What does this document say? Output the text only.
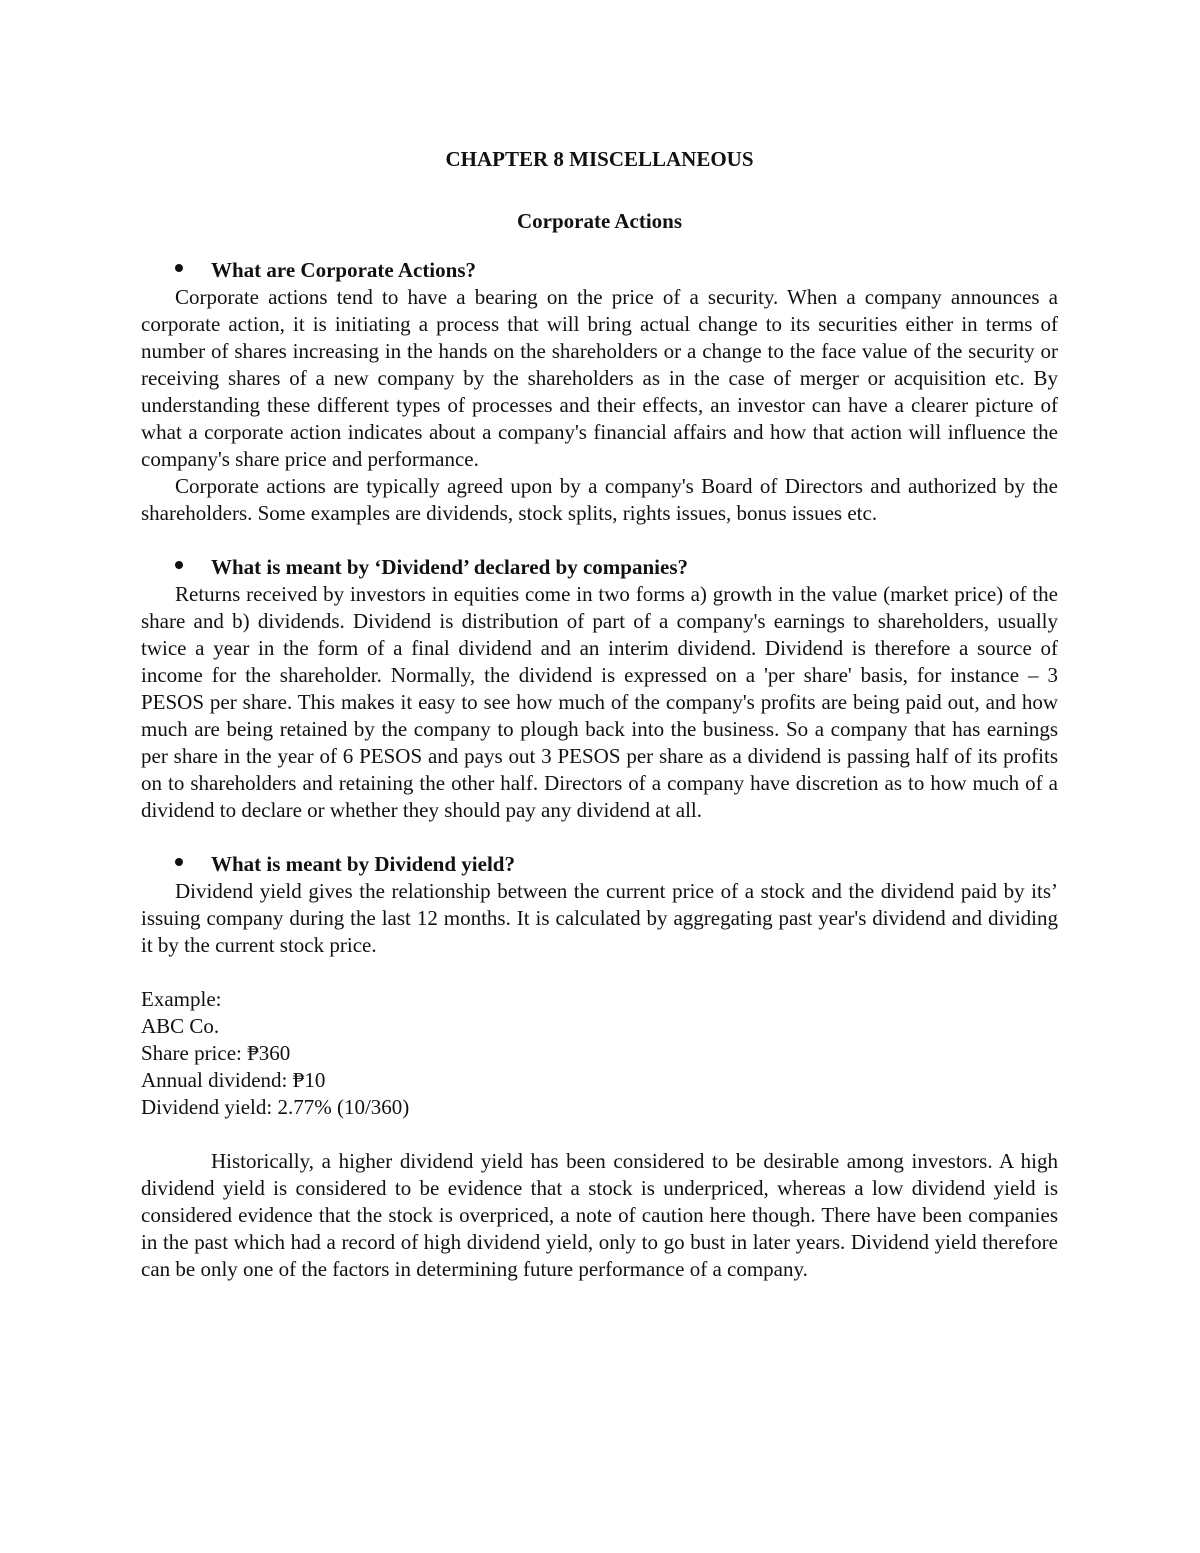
CHAPTER 8 MISCELLANEOUS
Corporate Actions
What are Corporate Actions?

Corporate actions tend to have a bearing on the price of a security. When a company announces a corporate action, it is initiating a process that will bring actual change to its securities either in terms of number of shares increasing in the hands on the shareholders or a change to the face value of the security or receiving shares of a new company by the shareholders as in the case of merger or acquisition etc. By understanding these different types of processes and their effects, an investor can have a clearer picture of what a corporate action indicates about a company's financial affairs and how that action will influence the company's share price and performance.

Corporate actions are typically agreed upon by a company's Board of Directors and authorized by the shareholders. Some examples are dividends, stock splits, rights issues, bonus issues etc.

What is meant by ‘Dividend’ declared by companies?

Returns received by investors in equities come in two forms a) growth in the value (market price) of the share and b) dividends. Dividend is distribution of part of a company's earnings to shareholders, usually twice a year in the form of a final dividend and an interim dividend. Dividend is therefore a source of income for the shareholder. Normally, the dividend is expressed on a 'per share' basis, for instance – 3 PESOS per share. This makes it easy to see how much of the company's profits are being paid out, and how much are being retained by the company to plough back into the business. So a company that has earnings per share in the year of 6 PESOS and pays out 3 PESOS per share as a dividend is passing half of its profits on to shareholders and retaining the other half. Directors of a company have discretion as to how much of a dividend to declare or whether they should pay any dividend at all.

What is meant by Dividend yield?

Dividend yield gives the relationship between the current price of a stock and the dividend paid by its’ issuing company during the last 12 months. It is calculated by aggregating past year's dividend and dividing it by the current stock price.

Example:

ABC Co.

Share price: ₱360

Annual dividend: ₱10

Dividend yield: 2.77% (10/360)

Historically, a higher dividend yield has been considered to be desirable among investors. A high dividend yield is considered to be evidence that a stock is underpriced, whereas a low dividend yield is considered evidence that the stock is overpriced, a note of caution here though. There have been companies in the past which had a record of high dividend yield, only to go bust in later years. Dividend yield therefore can be only one of the factors in determining future performance of a company.
